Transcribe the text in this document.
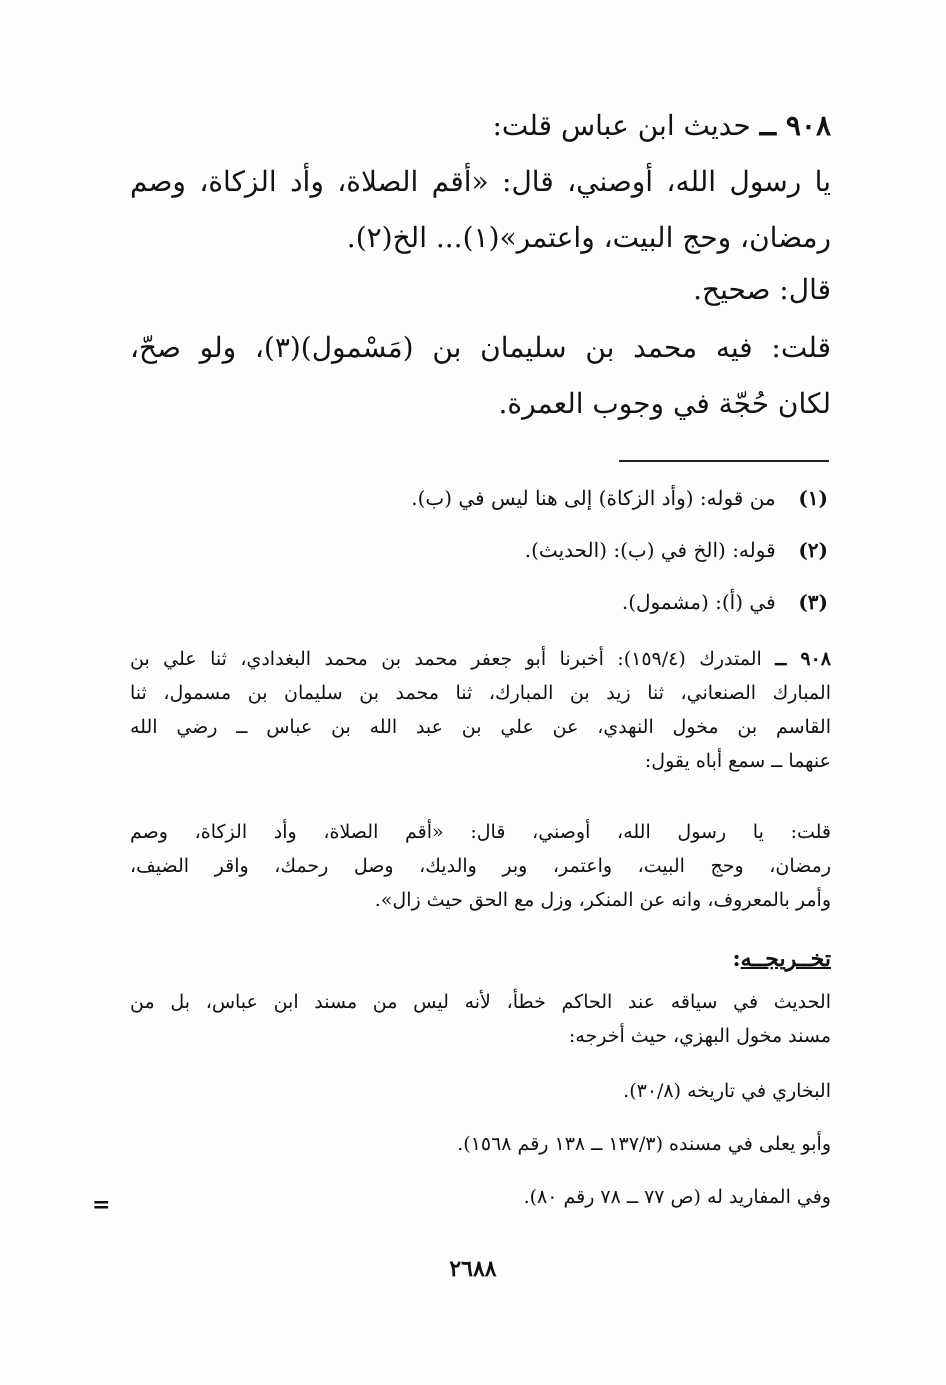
٩٠٨ ــ حديث ابن عباس قلت:
يا رسول الله، أوصني، قال: «أقم الصلاة، وأد الزكاة، وصم
رمضان، وحج البيت، واعتمر»(١)... الخ(٢).
قال: صحيح.
قلت: فيه محمد بن سليمان بن (مَسْمول)(٣)، ولو صحّ،
لكان حُجّة في وجوب العمرة.
(١) من قوله: (وأد الزكاة) إلى هنا ليس في (ب).
(٢) قوله: (الخ في (ب): (الحديث).
(٣) في (أ): (مشمول).
٩٠٨ ــ المتدرك (١٥٩/٤): أخبرنا أبو جعفر محمد بن محمد البغدادي، ثنا علي بن
المبارك الصنعاني، ثنا زيد بن المبارك، ثنا محمد بن سليمان بن مسمول، ثنا
القاسم بن مخول النهدي، عن علي بن عبد الله بن عباس ــ رضي الله
عنهما ــ سمع أباه يقول:
قلت: يا رسول الله، أوصني، قال: «أقم الصلاة، وأد الزكاة، وصم
رمضان، وحج البيت، واعتمر، وبر والديك، وصل رحمك، واقر الضيف،
وأمر بالمعروف، وانه عن المنكر، وزل مع الحق حيث زال».
تخــريجــه:
الحديث في سياقه عند الحاكم خطأ، لأنه ليس من مسند ابن عباس، بل من
مسند مخول البهزي، حيث أخرجه:
البخاري في تاريخه (٣٠/٨).
وأبو يعلى في مسنده (١٣٧/٣ ــ ١٣٨ رقم ١٥٦٨).
وفي المفاريد له (ص ٧٧ ــ ٧٨ رقم ٨٠).
=
٢٦٨٨
